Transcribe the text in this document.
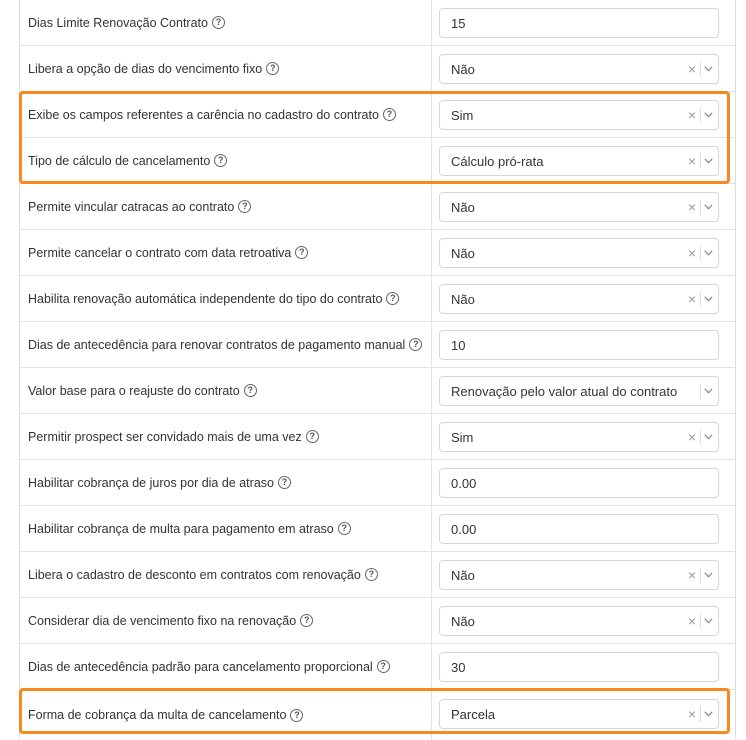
Dias Limite Renovação Contrato ?	15
Libera a opção de dias do vencimento fixo ?	Não	×
Exibe os campos referentes a carência no cadastro do contrato ?	Sim	×
Tipo de cálculo de cancelamento ?	Cálculo pró-rata	×
Permite vincular catracas ao contrato ?	Não	×
Permite cancelar o contrato com data retroativa ?	Não	×
Habilita renovação automática independente do tipo do contrato ?	Não	×
Dias de antecedência para renovar contratos de pagamento manual ? 10
Valor base para o reajuste do contrato ?	Renovação pelo valor atual do contrato
Permitir prospect ser convidado mais de uma vez ?	Sim	×
Habilitar cobrança de juros por dia de atraso ?	0.00
Habilitar cobrança de multa para pagamento em atraso ?	0.00
Libera o cadastro de desconto em contratos com renovação ?	Não	×
Considerar dia de vencimento fixo na renovação ?	Não	×
Dias de antecedência padrão para cancelamento proporcional ?	30
Forma de cobrança da multa de cancelamento ?	Parcela	×
